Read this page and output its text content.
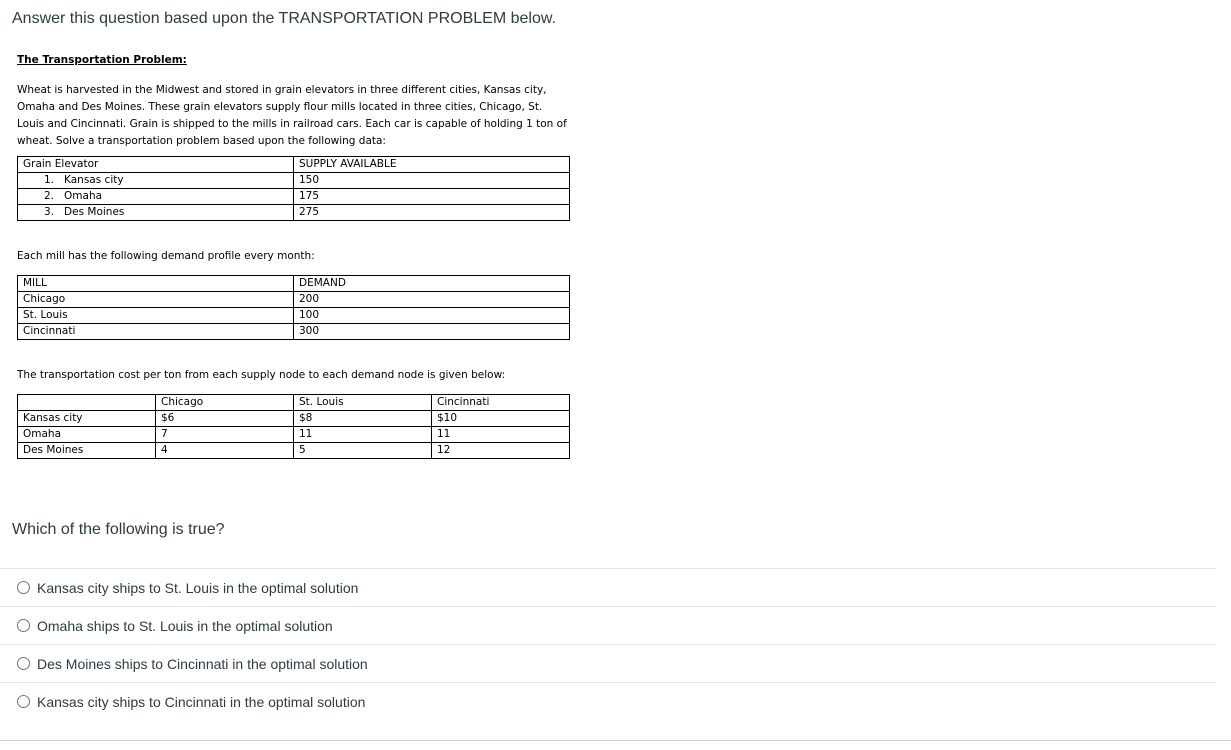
Answer this question based upon the TRANSPORTATION PROBLEM below.
The Transportation Problem:

Wheat is harvested in the Midwest and stored in grain elevators in three different cities, Kansas city,
Omaha and Des Moines. These grain elevators supply flour mills located in three cities, Chicago, St.
Louis and Cincinnati. Grain is shipped to the mills in railroad cars. Each car is capable of holding 1 ton of
wheat. Solve a transportation problem based upon the following data:

Grain Elevator	SUPPLY AVAILABLE
1. Kansas city	150
2. Omaha	175
3. Des Moines	275
Each mill has the following demand profile every month:
MILL	DEMAND
Chicago	200
St. Louis	100
Cincinnati	300
The transportation cost per ton from each supply node to each demand node is given below:
	Chicago	St. Louis	Cincinnati
Kansas city	$6	$8	$10
Omaha	7	11	11
Des Moines	4	5	12
Which of the following is true?
Kansas city ships to St. Louis in the optimal solution
Omaha ships to St. Louis in the optimal solution
Des Moines ships to Cincinnati in the optimal solution
Kansas city ships to Cincinnati in the optimal solution
